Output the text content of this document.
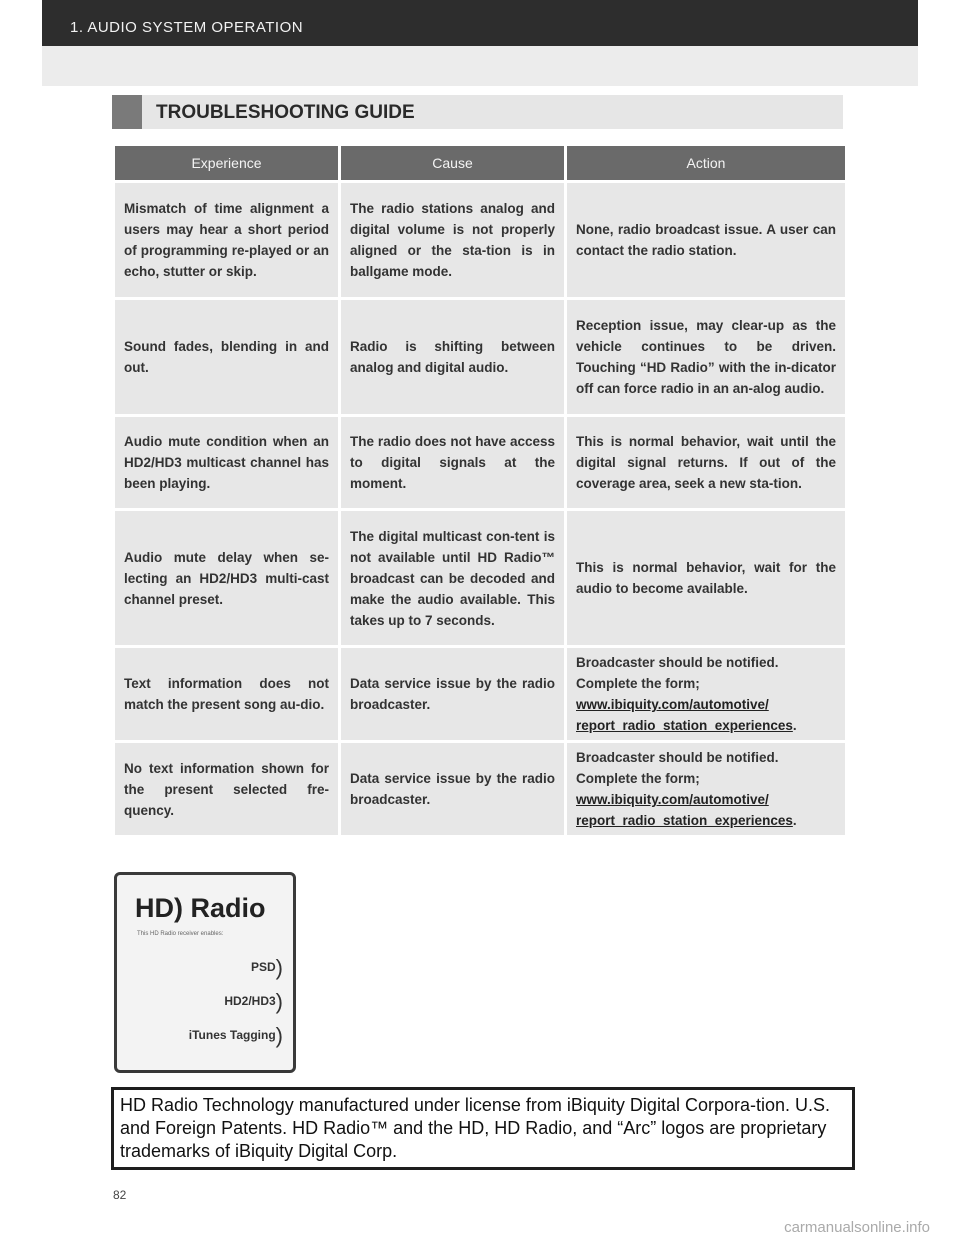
1. AUDIO SYSTEM OPERATION
TROUBLESHOOTING GUIDE
Experience	Cause	Action
Mismatch of time alignment a users may hear a short period of programming re-played or an echo, stutter or skip.	The radio stations analog and digital volume is not properly aligned or the sta-tion is in ballgame mode.	None, radio broadcast issue. A user can contact the radio station.
Sound fades, blending in and out.	Radio is shifting between analog and digital audio.	Reception issue, may clear-up as the vehicle continues to be driven. Touching “HD Radio” with the in-dicator off can force radio in an an-alog audio.
Audio mute condition when an HD2/HD3 multicast channel has been playing.	The radio does not have access to digital signals at the moment.	This is normal behavior, wait until the digital signal returns. If out of the coverage area, seek a new sta-tion.
Audio mute delay when se-lecting an HD2/HD3 multi-cast channel preset.	The digital multicast con-tent is not available until HD Radio™ broadcast can be decoded and make the audio available. This takes up to 7 seconds.	This is normal behavior, wait for the audio to become available.
Text information does not match the present song au-dio.	Data service issue by the radio broadcaster.	Broadcaster should be notified. Complete the form;
www.ibiquity.com/automotive/
report_radio_station_experiences.
No text information shown for the present selected fre-quency.	Data service issue by the radio broadcaster.	Broadcaster should be notified. Complete the form;
www.ibiquity.com/automotive/
report_radio_station_experiences.
HD) Radio
This HD Radio receiver enables:
PSD)
HD2/HD3)
iTunes Tagging)
HD Radio Technology manufactured under license from iBiquity Digital Corpora-tion. U.S. and Foreign Patents. HD Radio™ and the HD, HD Radio, and “Arc” logos are proprietary trademarks of iBiquity Digital Corp.
82
carmanualsonline.info
